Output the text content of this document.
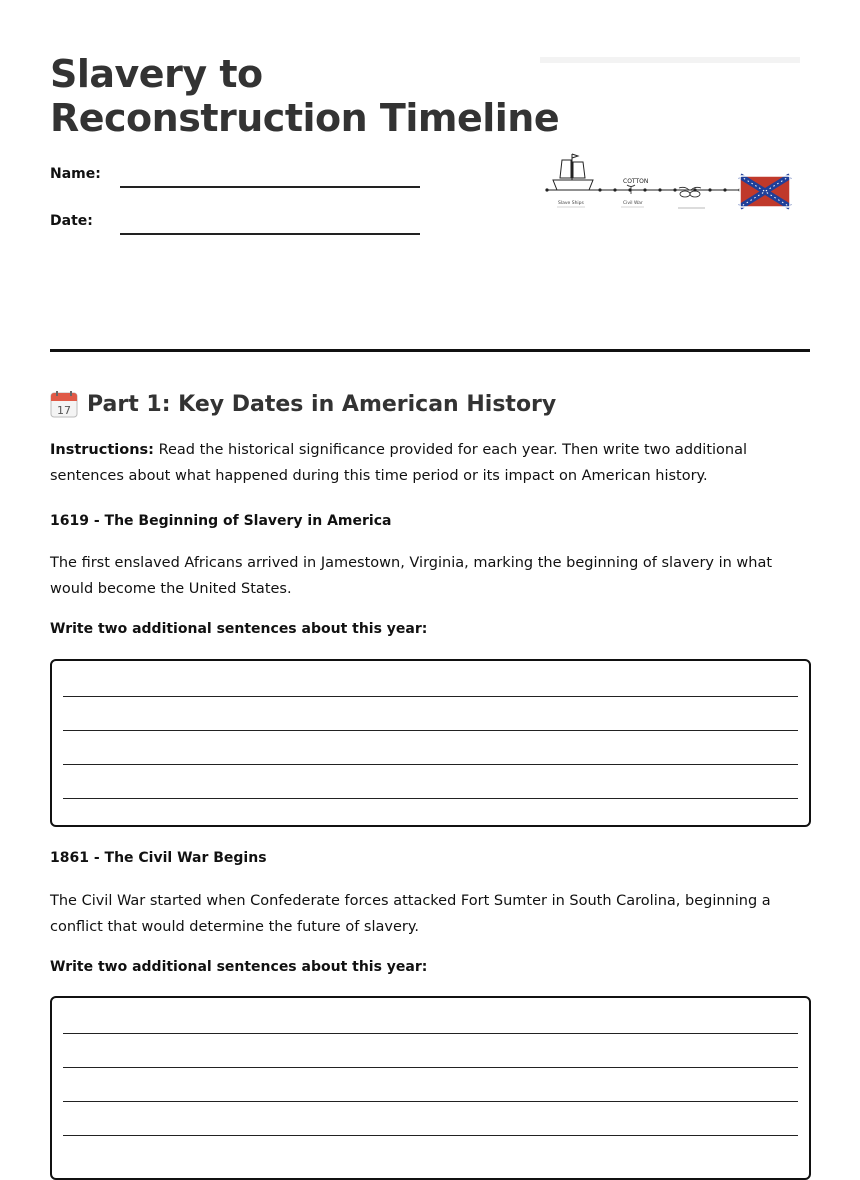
Slavery to
Reconstruction Timeline
Name:
Date:
Slave Ships
COTTON
Civil War
17 Part 1: Key Dates in American History

Instructions: Read the historical significance provided for each year. Then write two additional sentences about what happened during this time period or its impact on American history.

1619 - The Beginning of Slavery in America

The first enslaved Africans arrived in Jamestown, Virginia, marking the beginning of slavery in what would become the United States.

Write two additional sentences about this year:
1861 - The Civil War Begins

The Civil War started when Confederate forces attacked Fort Sumter in South Carolina, beginning a conflict that would determine the future of slavery.

Write two additional sentences about this year:
